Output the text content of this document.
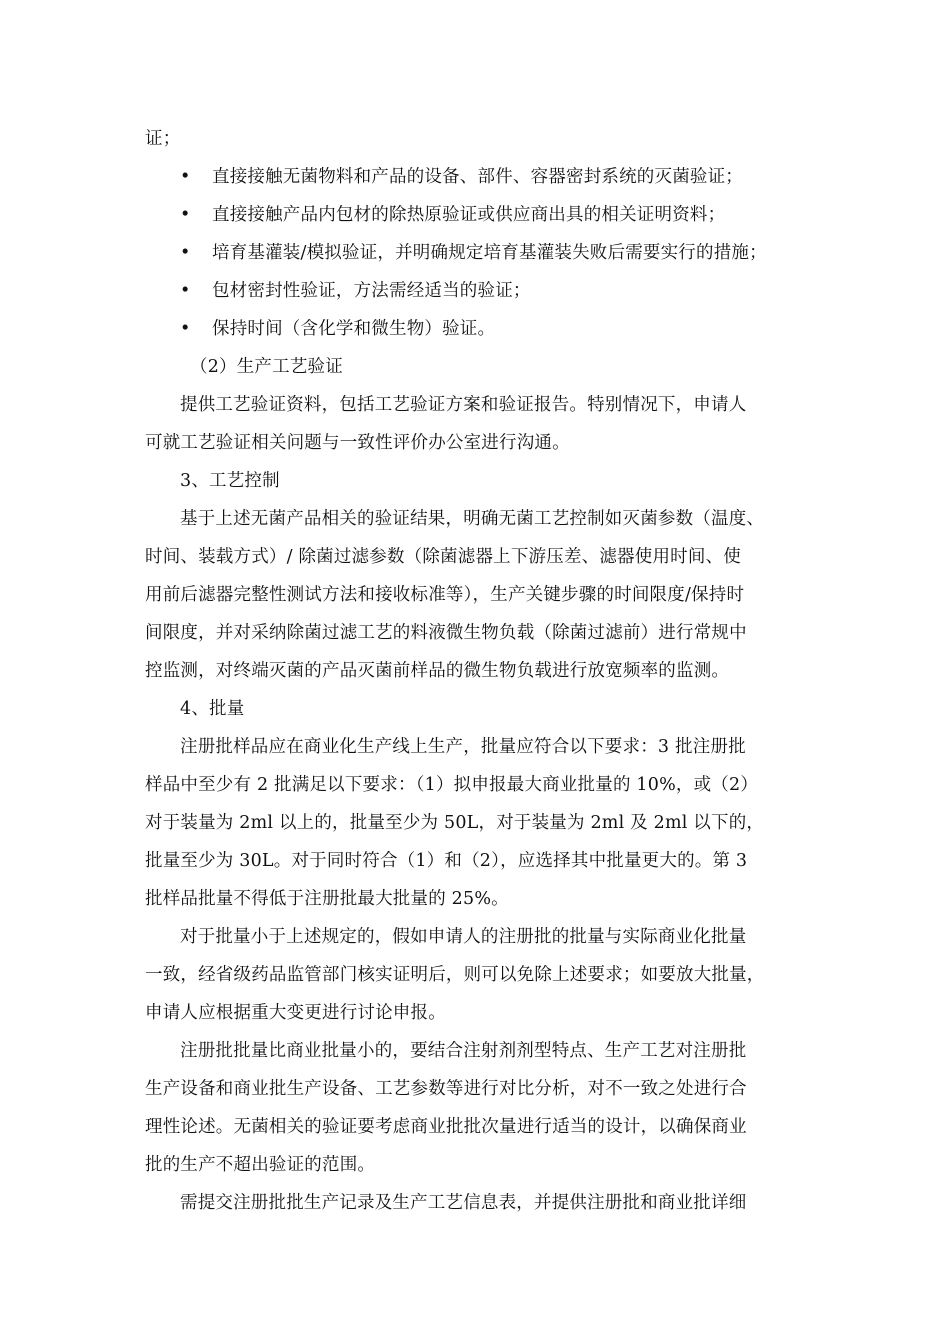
证；
• 直接接触无菌物料和产品的设备、部件、容器密封系统的灭菌验证；
• 直接接触产品内包材的除热原验证或供应商出具的相关证明资料；
• 培育基灌装/模拟验证，并明确规定培育基灌装失败后需要实行的措施；
• 包材密封性验证，方法需经适当的验证；
• 保持时间（含化学和微生物）验证。
（2）生产工艺验证
提供工艺验证资料，包括工艺验证方案和验证报告。特别情况下，申请人
可就工艺验证相关问题与一致性评价办公室进行沟通。
3、工艺控制
基于上述无菌产品相关的验证结果，明确无菌工艺控制如灭菌参数（温度、
时间、装载方式）/ 除菌过滤参数（除菌滤器上下游压差、滤器使用时间、使
用前后滤器完整性测试方法和接收标准等），生产关键步骤的时间限度/保持时
间限度，并对采纳除菌过滤工艺的料液微生物负载（除菌过滤前）进行常规中
控监测，对终端灭菌的产品灭菌前样品的微生物负载进行放宽频率的监测。
4、批量
注册批样品应在商业化生产线上生产，批量应符合以下要求：3 批注册批
样品中至少有 2 批满足以下要求：（1）拟申报最大商业批量的 10%，或（2）
对于装量为 2ml 以上的，批量至少为 50L，对于装量为 2ml 及 2ml 以下的，
批量至少为 30L。对于同时符合（1）和（2），应选择其中批量更大的。第 3
批样品批量不得低于注册批最大批量的 25%。
对于批量小于上述规定的，假如申请人的注册批的批量与实际商业化批量
一致，经省级药品监管部门核实证明后，则可以免除上述要求；如要放大批量，
申请人应根据重大变更进行讨论申报。
注册批批量比商业批量小的，要结合注射剂剂型特点、生产工艺对注册批
生产设备和商业批生产设备、工艺参数等进行对比分析，对不一致之处进行合
理性论述。无菌相关的验证要考虑商业批批次量进行适当的设计，以确保商业
批的生产不超出验证的范围。
需提交注册批批生产记录及生产工艺信息表，并提供注册批和商业批详细
